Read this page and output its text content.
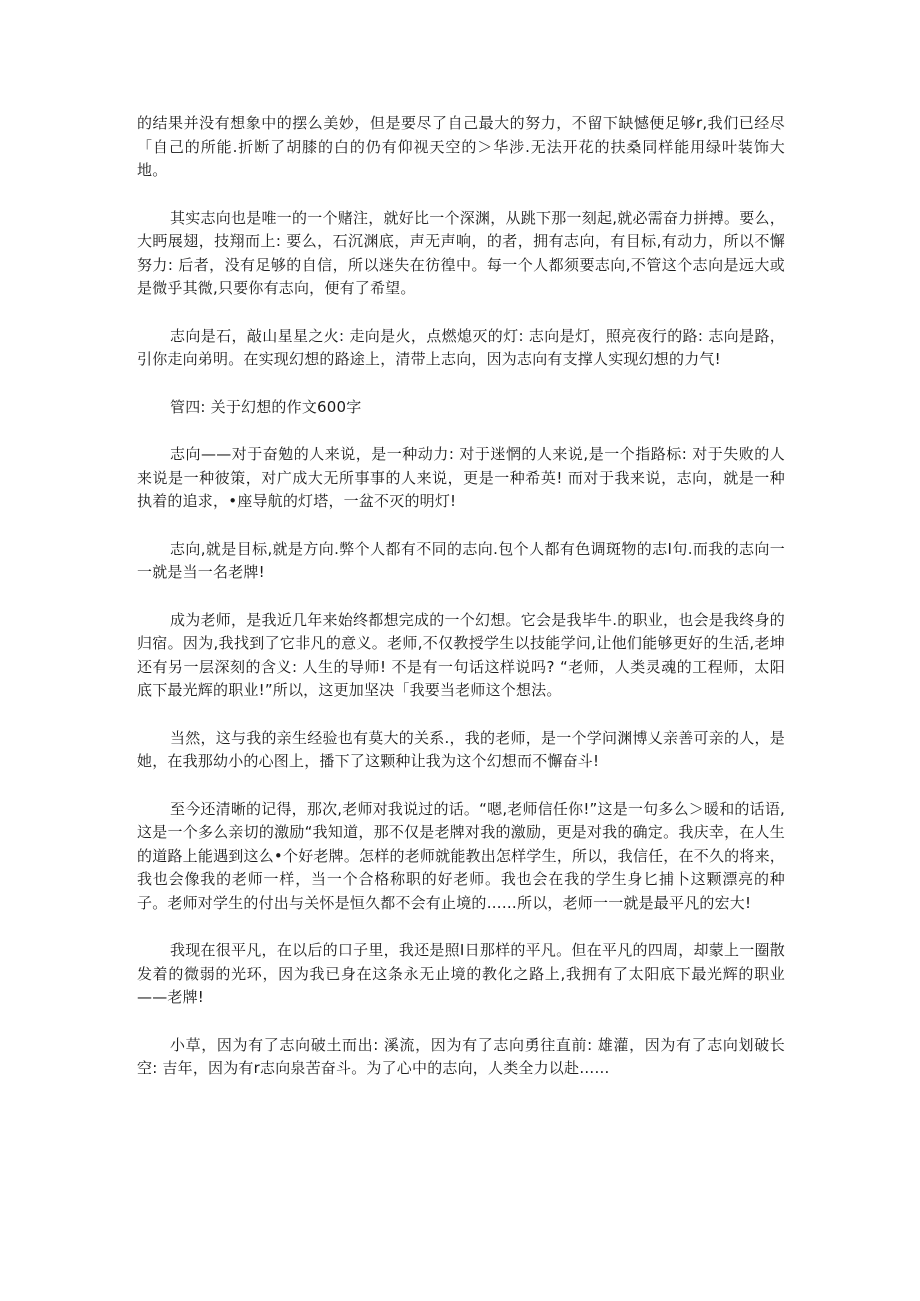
的结果并没有想象中的摆么美妙，但是要尽了自己最大的努力，不留下缺憾便足够r,我们已经尽「自己的所能.折断了胡膝的白的仍有仰视天空的＞华涉.无法开花的扶桑同样能用绿叶装饰大地。

其实志向也是唯一的一个赌注，就好比一个深渊，从跳下那一刻起,就必需奋力拼搏。要么，大眄展翅，技翔而上: 要么，石沉渊底，声无声响，的者，拥有志向，有目标,有动力，所以不懈努力: 后者，没有足够的自信，所以迷失在彷徨中。每一个人都须要志向,不管这个志向是远大或是微乎其微,只要你有志向，便有了希望。

志向是石，敲山星星之火: 走向是火，点燃熄灭的灯: 志向是灯，照亮夜行的路: 志向是路，引你走向弟明。在实现幻想的路途上，清带上志向，因为志向有支撑人实现幻想的力气!

管四: 关于幻想的作文600字

志向——对于奋勉的人来说，是一种动力: 对于迷惘的人来说,是一个指路标: 对于失败的人来说是一种彼策，对广成大无所事事的人来说，更是一种希英! 而对于我来说，志向，就是一种执着的追求，•座导航的灯塔，一盆不灭的明灯!

志向,就是目标,就是方向.弊个人都有不同的志向.包个人都有色调斑物的志I句.而我的志向一一就是当一名老牌!

成为老师，是我近几年来始终都想完成的一个幻想。它会是我毕牛.的职业，也会是我终身的归宿。因为,我找到了它非凡的意义。老师,不仅教授学生以技能学问,让他们能够更好的生活,老坤还有另一层深刻的含义: 人生的导师! 不是有一句话这样说吗? “老师，人类灵魂的工程师，太阳底下最光辉的职业!”所以，这更加坚决「我要当老师这个想法。

当然，这与我的亲生经验也有莫大的关系.，我的老师，是一个学问渊博乂亲善可亲的人，是她，在我那幼小的心图上，播下了这颗种让我为这个幻想而不懈奋斗!

至今还清晰的记得，那次,老师对我说过的话。“嗯,老师信任你!”这是一句多么＞暖和的话语,这是一个多么亲切的激励“我知道，那不仅是老牌对我的激励，更是对我的确定。我庆幸，在人生的道路上能遇到这么•个好老牌。怎样的老师就能教出怎样学生，所以，我信任，在不久的将来，我也会像我的老师一样，当一个合格称职的好老师。我也会在我的学生身匕捕卜这颗漂亮的种子。老师对学生的付出与关怀是恒久都不会有止境的……所以，老师一一就是最平凡的宏大!

我现在很平凡，在以后的口子里，我还是照I日那样的平凡。但在平凡的四周，却蒙上一圈散发着的微弱的光环，因为我已身在这条永无止境的教化之路上,我拥有了太阳底下最光辉的职业——老牌!

小草，因为有了志向破土而出: 溪流，因为有了志向勇往直前: 雄灌，因为有了志向划破长空: 吉年，因为有r志向泉苦奋斗。为了心中的志向，人类全力以赴……
